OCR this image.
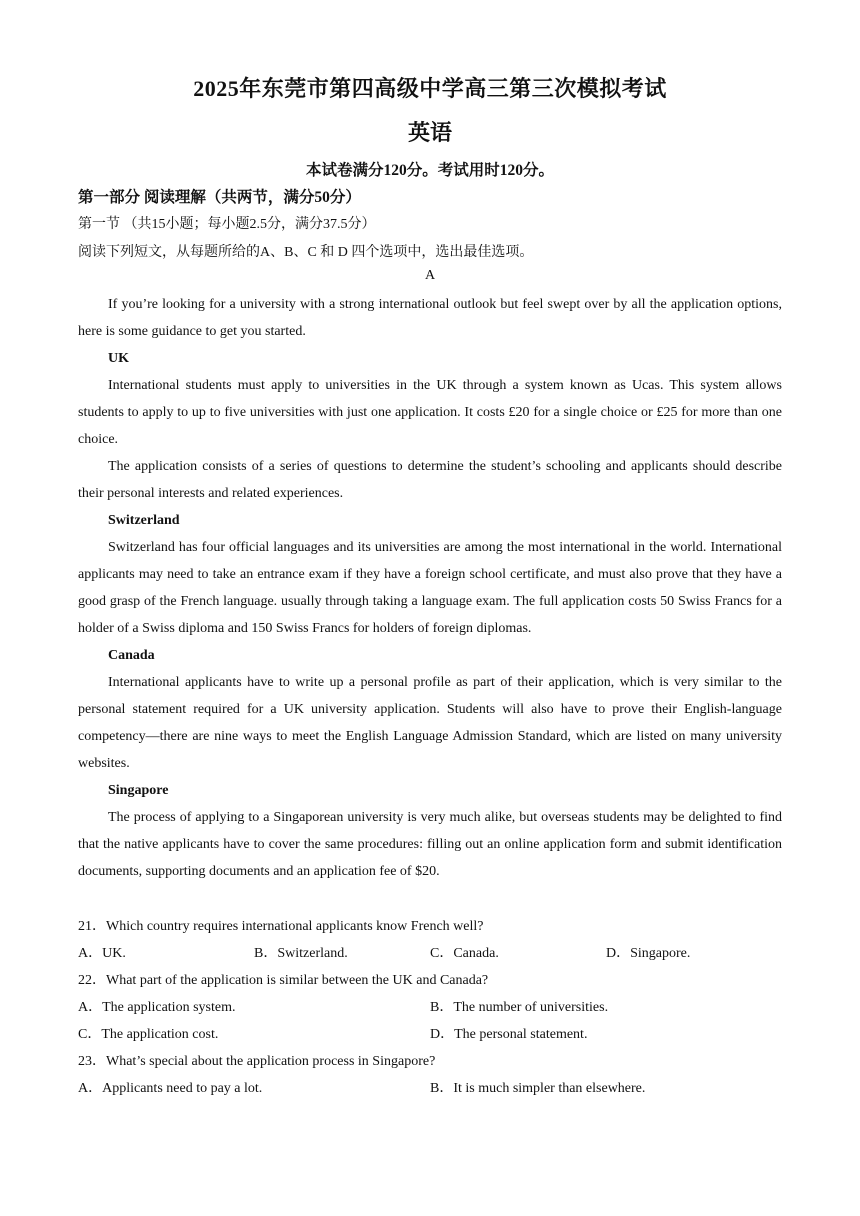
2025年东莞市第四高级中学高三第三次模拟考试
英语
本试卷满分120分。考试用时120分。
第一部分 阅读理解（共两节，满分50分）
第一节 （共15小题；每小题2.5分，满分37.5分）
阅读下列短文，从每题所给的A、B、C 和 D 四个选项中，选出最佳选项。
A

If you’re looking for a university with a strong international outlook but feel swept over by all the application options, here is some guidance to get you started.

UK

International students must apply to universities in the UK through a system known as Ucas. This system allows students to apply to up to five universities with just one application. It costs £20 for a single choice or £25 for more than one choice.

The application consists of a series of questions to determine the student’s schooling and applicants should describe their personal interests and related experiences.

Switzerland

Switzerland has four official languages and its universities are among the most international in the world. International applicants may need to take an entrance exam if they have a foreign school certificate, and must also prove that they have a good grasp of the French language. usually through taking a language exam. The full application costs 50 Swiss Francs for a holder of a Swiss diploma and 150 Swiss Francs for holders of foreign diplomas.

Canada

International applicants have to write up a personal profile as part of their application, which is very similar to the personal statement required for a UK university application. Students will also have to prove their English-language competency—there are nine ways to meet the English Language Admission Standard, which are listed on many university websites.

Singapore

The process of applying to a Singaporean university is very much alike, but overseas students may be delighted to find that the native applicants have to cover the same procedures: filling out an online application form and submit identification documents, supporting documents and an application fee of $20.

21．Which country requires international applicants know French well?
A．UK.	B．Switzerland.	C．Canada.	D．Singapore.
22．What part of the application is similar between the UK and Canada?
A．The application system.	B．The number of universities.
C．The application cost.	D．The personal statement.
23．What’s special about the application process in Singapore?
A．Applicants need to pay a lot.	B．It is much simpler than elsewhere.
